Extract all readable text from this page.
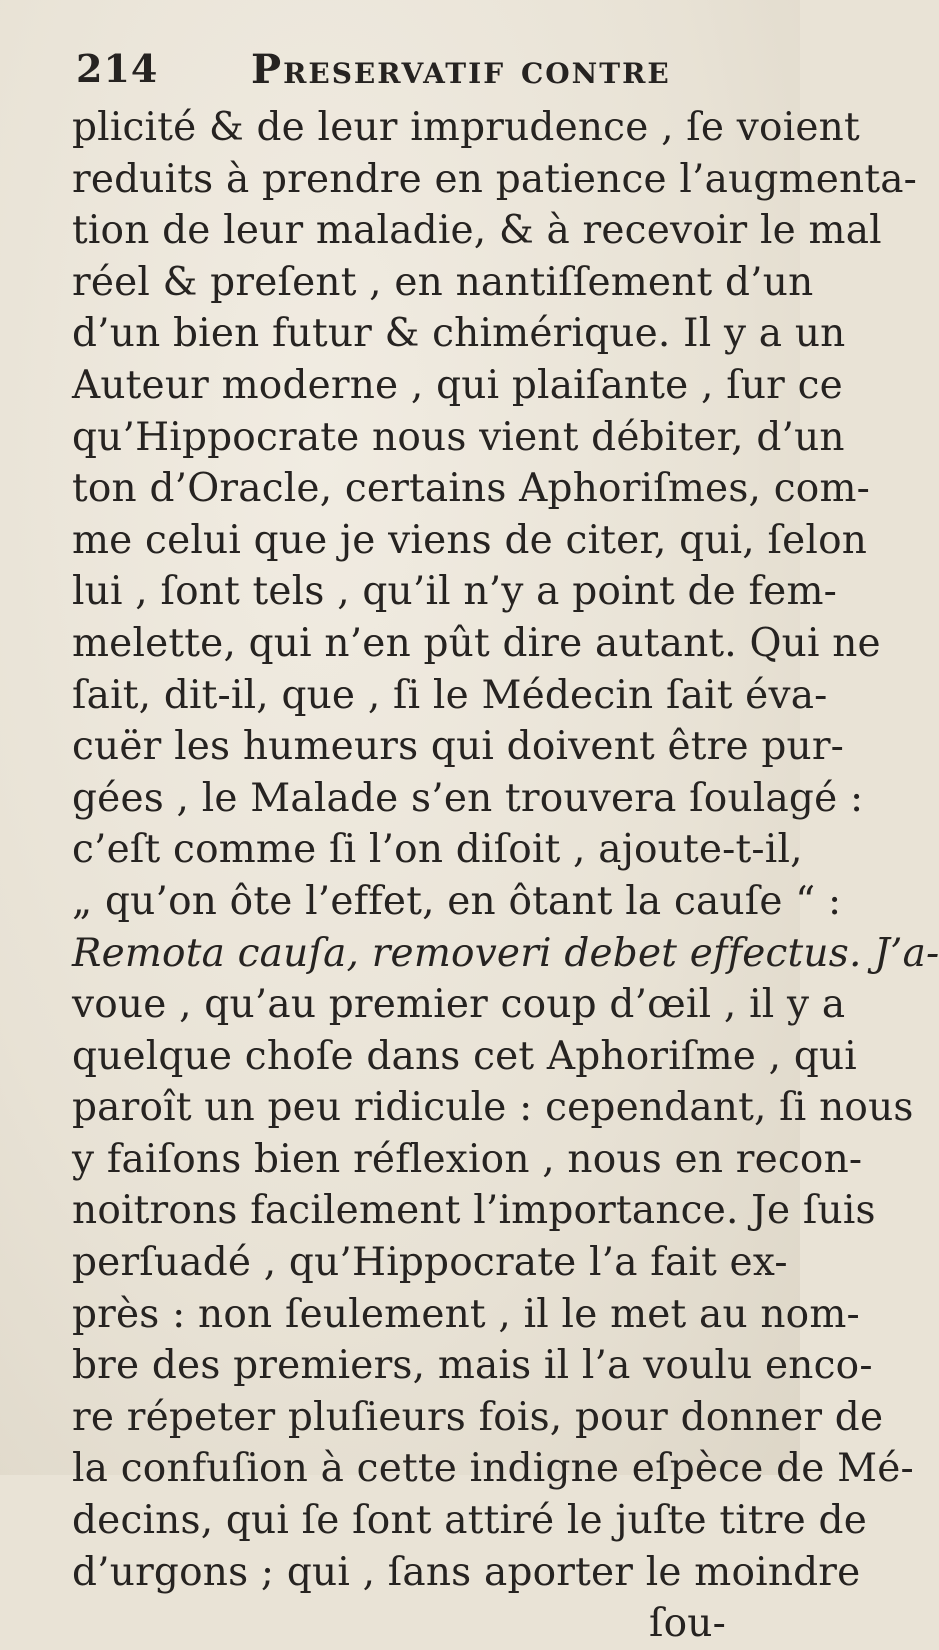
214 Preservatif contre
plicité & de leur imprudence , ſe voient
reduits à prendre en patience l’augmenta-
tion de leur maladie, & à recevoir le mal
réel & preſent , en nantiſſement d’un
d’un bien futur & chimérique. Il y a un
Auteur moderne , qui plaiſante , ſur ce
qu’Hippocrate nous vient débiter, d’un
ton d’Oracle, certains Aphoriſmes, com-
me celui que je viens de citer, qui, ſelon
lui , ſont tels , qu’il n’y a point de fem-
melette, qui n’en pût dire autant. Qui ne
ſait, dit-il, que , ſi le Médecin ſait éva-
cuër les humeurs qui doivent être pur-
gées , le Malade s’en trouvera ſoulagé :
c’eſt comme ſi l’on diſoit , ajoute-t-il,
„ qu’on ôte l’effet, en ôtant la cauſe “ :
Remota cauſa, removeri debet effectus. J’a-
voue , qu’au premier coup d’œil , il y a
quelque choſe dans cet Aphoriſme , qui
paroît un peu ridicule : cependant, ſi nous
y faiſons bien réflexion , nous en recon-
noitrons facilement l’importance. Je ſuis
perſuadé , qu’Hippocrate l’a fait ex-
près : non ſeulement , il le met au nom-
bre des premiers, mais il l’a voulu enco-
re répeter pluſieurs fois, pour donner de
la confuſion à cette indigne eſpèce de Mé-
decins, qui ſe ſont attiré le juſte titre de
d’urgons ; qui , ſans aporter le moindre
ſou-
